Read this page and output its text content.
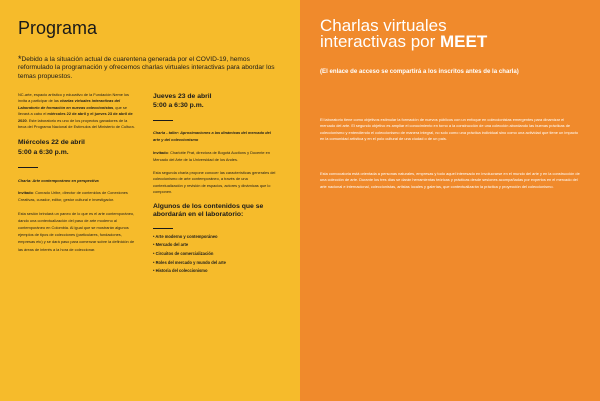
Programa
*Debido a la situación actual de cuarentena generada por el COVID-19, hemos reformulado la programación y ofrecemos charlas virtuales interactivas para abordar los temas propuestos.
NC-arte, espacio artístico y educativo de la Fundación Neme los invita a participar de las charlas virtuales interactivas del Laboratorio de formación en nuevas coleccionistas, que se llevará a cabo el miércoles 22 de abril y el jueves 23 de abril de 2020. Este laboratorio es uno de los proyectos ganadores de la beca del Programa Nacional de Estímulos del Ministerio de Cultura.
Miércoles 22 de abril
5:00 a 6:30 p.m.
Charla: Arte contemporáneo en perspectiva
Invitado: Conrado Uribe, director de contenidos de Conexiones Creativas, curador, editor, gestor cultural e investigador.
Esta sesión brindará un paneo de lo que es el arte contemporáneo, dando una contextualización del paso de arte moderno al contemporáneo en Colombia. Al igual que se mostrarán algunos ejemplos de tipos de colecciones (particulares, fundaciones, empresas etc) y se dará paso para comenzar sobre la definición de las áreas de interés a la hora de coleccionar.
Jueves 23 de abril
5:00 a 6:30 p.m.
Charla - taller: Aproximaciones a las dinámicas del mercado del arte y del coleccionismo
Invitado: Charlotte Prat, directora de Bogotá Auctions y Docente en Mercado del Arte de la Universidad de los Andes.
Esta segunda charla propone conocer las características generales del coleccionismo de arte contemporáneo, a través de una contextualización y revisión de espacios, actores y dinámicas que lo componen.
Algunos de los contenidos que se abordarán en el laboratorio:
• Arte moderno y contemporáneo
• Mercado del arte
• Circuitos de comercialización
• Roles del mercado y mundo del arte
• Historia del coleccionismo
Charlas virtuales
interactivas por MEET
(El enlace de acceso se compartirá a los inscritos antes de la charla)
El laboratorio tiene como objetivos estimular la formación de nuevos públicos con un enfoque en coleccionistas emergentes para dinamizar el mercado del arte. El segundo objetivo es ampliar el conocimiento en torno a la construcción de una colección abordando las buenas prácticas de coleccionismo y entendiendo el coleccionismo de manera integral, no solo como una práctica individual sino como una actividad que tiene un impacto en la comunidad artística y en el polo cultural de una ciudad o de un país.
Esta convocatoria está orientada a personas naturales, empresas y todo aquel interesado en involucrarse en el mundo del arte y en la construcción de una colección de arte. Durante los tres días se darán herramientas teóricas y prácticas desde sesiones acompañadas por expertos en el mercado del arte nacional e internacional, coleccionistas, artistas locales y galerías, que contextualizarán la práctica y proyección del coleccionismo.
